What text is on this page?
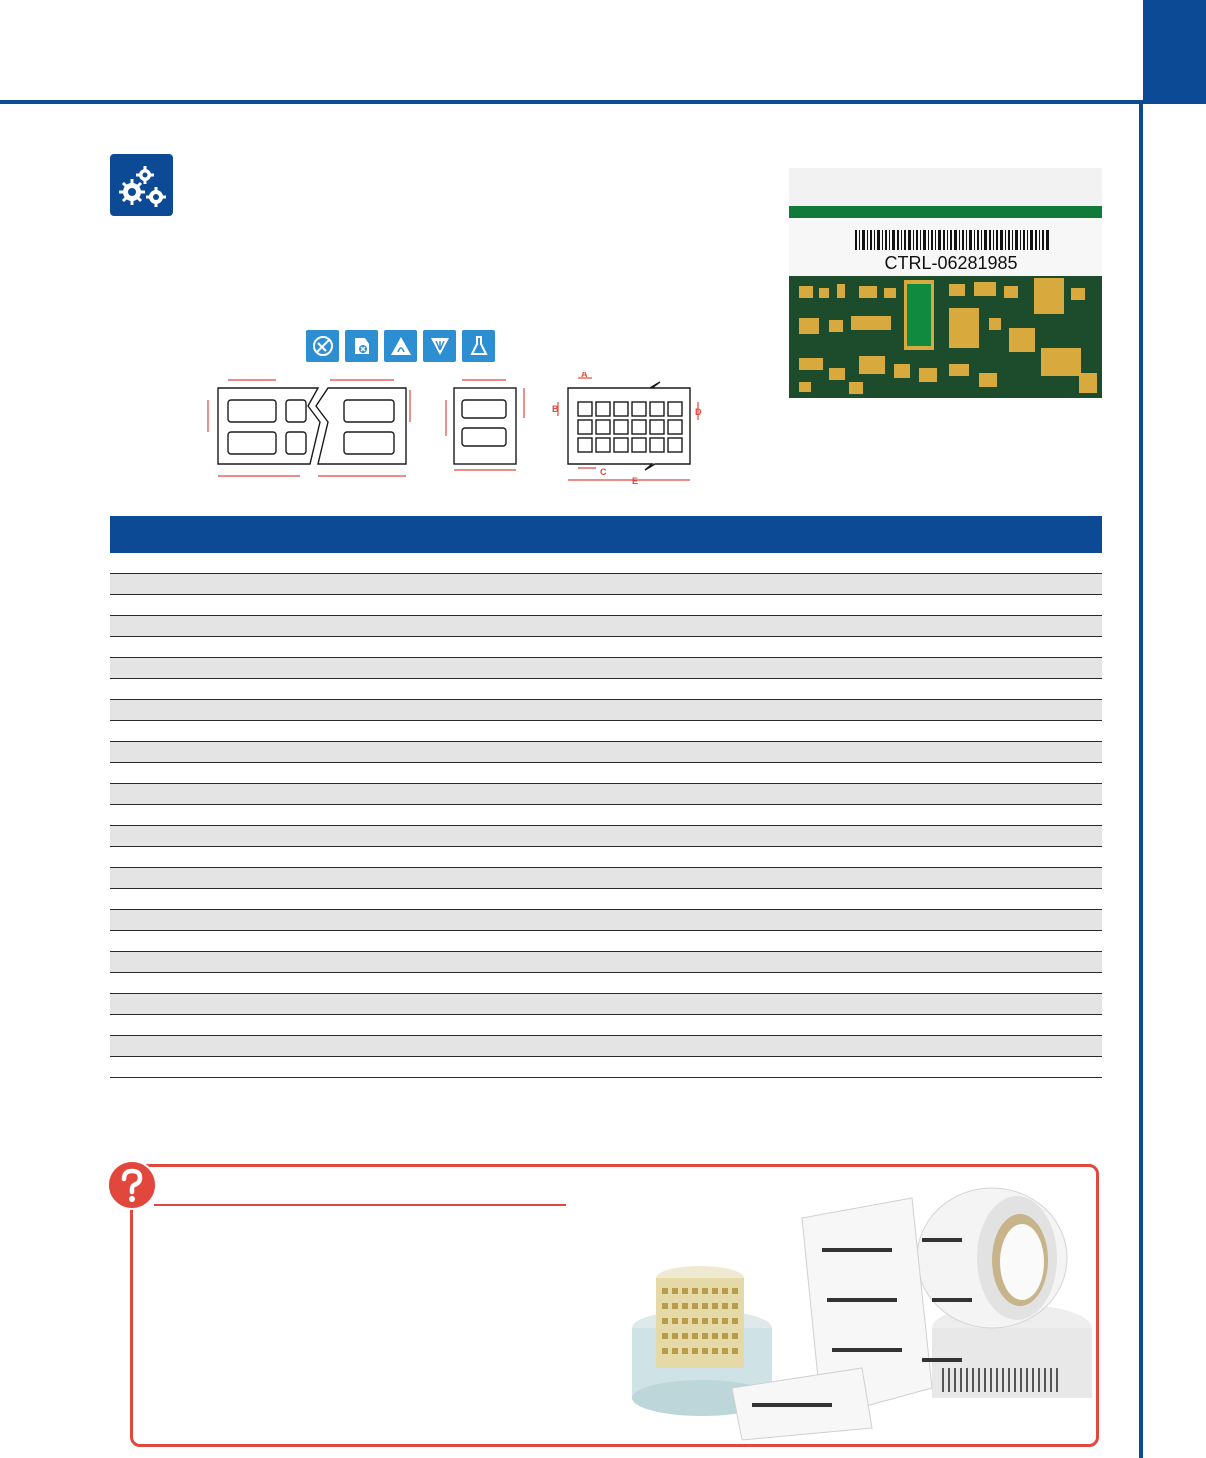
CTRL-06281985
A
B
C
D
E
